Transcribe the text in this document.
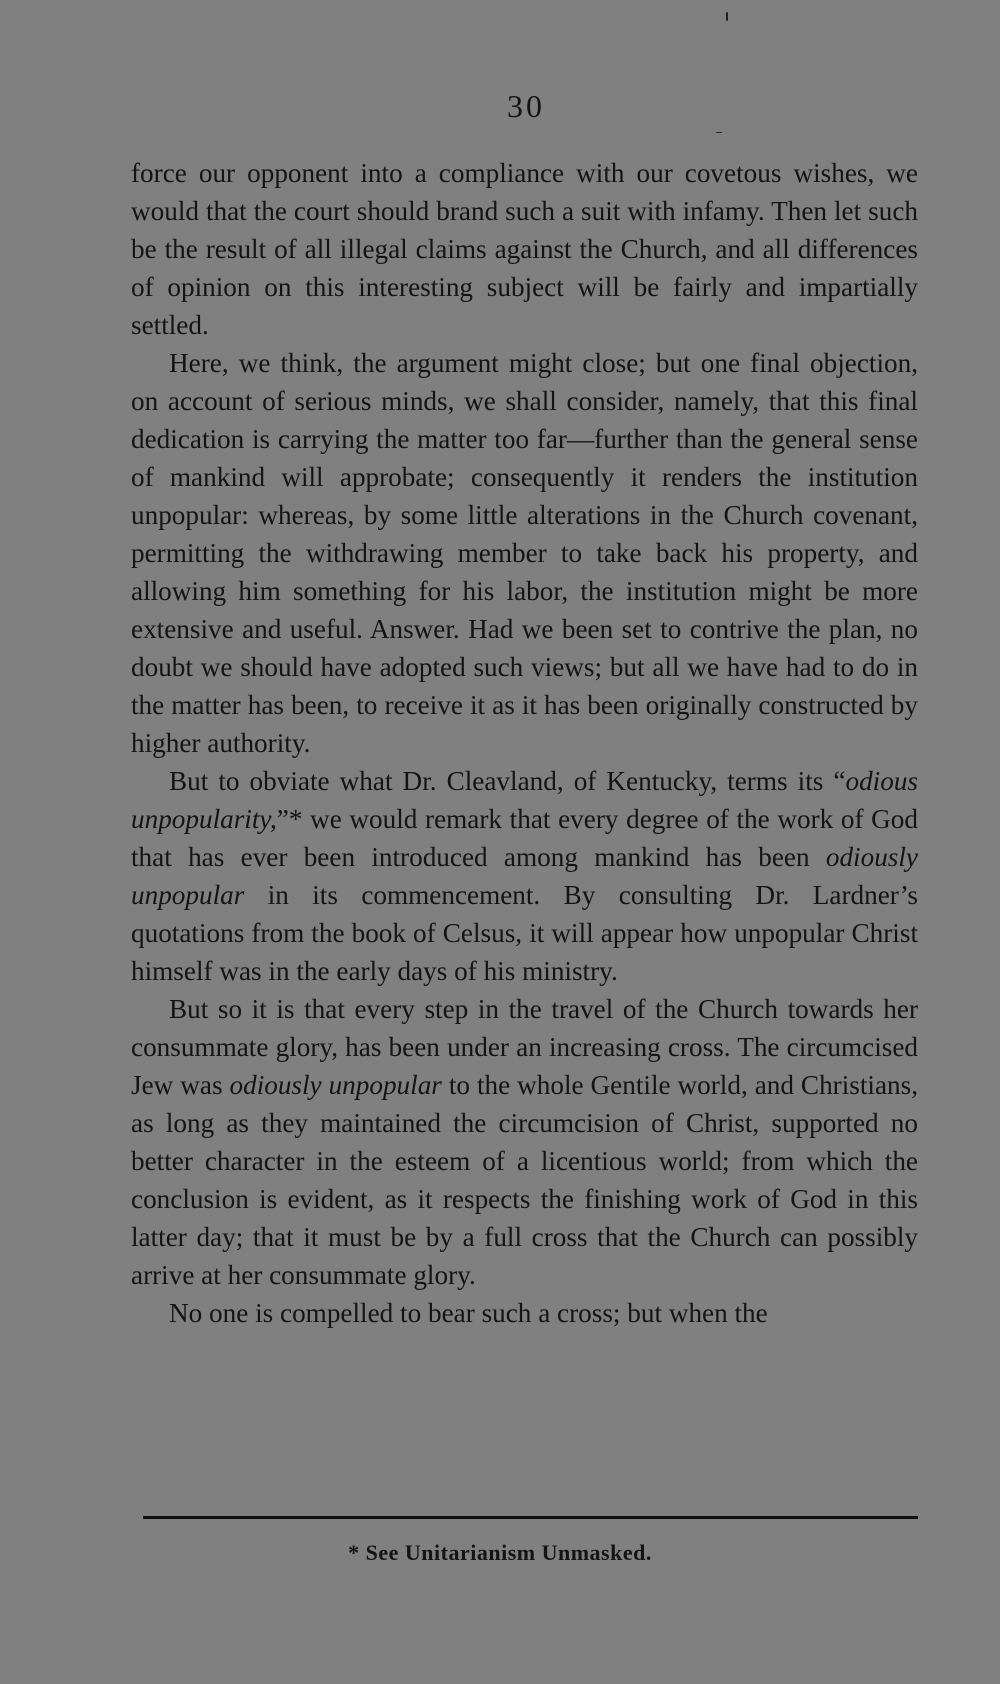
30

force our opponent into a compliance with our covetous wishes, we would that the court should brand such a suit with infamy. Then let such be the result of all illegal claims against the Church, and all differences of opinion on this interesting subject will be fairly and impartially settled.

Here, we think, the argument might close; but one final objection, on account of serious minds, we shall consider, namely, that this final dedication is carrying the matter too far—further than the general sense of mankind will approbate; consequently it renders the institution unpopular: whereas, by some little alterations in the Church covenant, permitting the withdrawing member to take back his property, and allowing him something for his labor, the institution might be more extensive and useful. Answer. Had we been set to contrive the plan, no doubt we should have adopted such views; but all we have had to do in the matter has been, to receive it as it has been originally constructed by higher authority.

But to obviate what Dr. Cleavland, of Kentucky, terms its “odious unpopularity,”* we would remark that every degree of the work of God that has ever been introduced among mankind has been odiously unpopular in its commencement. By consulting Dr. Lardner’s quotations from the book of Celsus, it will appear how unpopular Christ himself was in the early days of his ministry.

But so it is that every step in the travel of the Church towards her consummate glory, has been under an increasing cross. The circumcised Jew was odiously unpopular to the whole Gentile world, and Christians, as long as they maintained the circumcision of Christ, supported no better character in the esteem of a licentious world; from which the conclusion is evident, as it respects the finishing work of God in this latter day; that it must be by a full cross that the Church can possibly arrive at her consummate glory.

No one is compelled to bear such a cross; but when the

* See Unitarianism Unmasked.
